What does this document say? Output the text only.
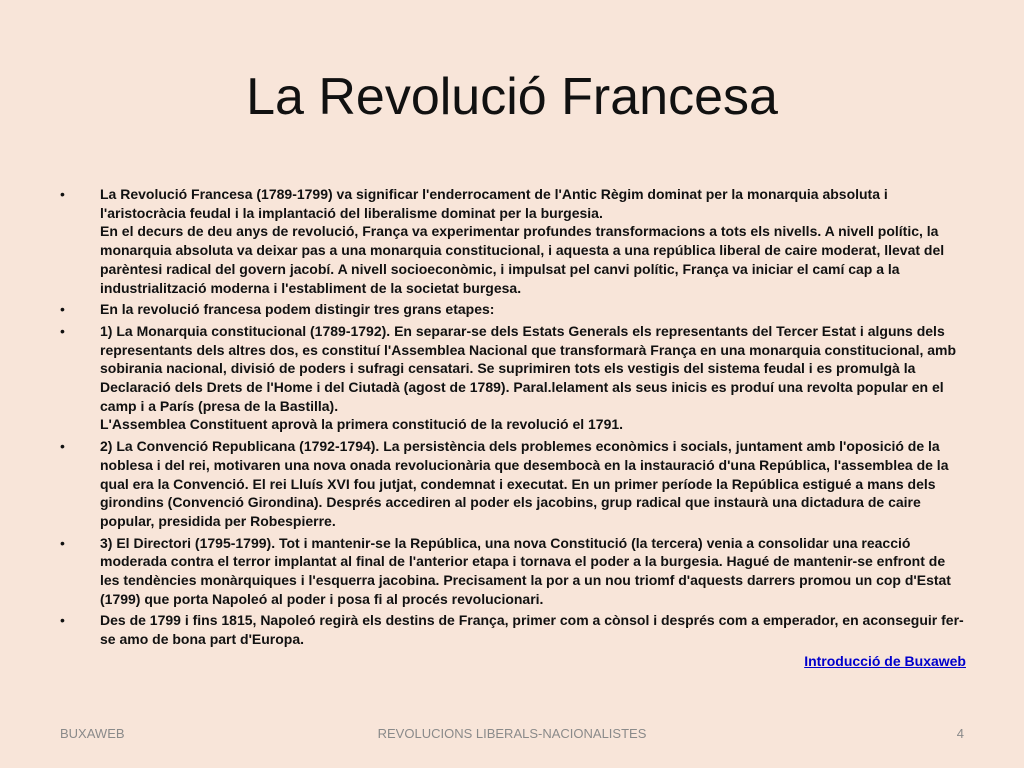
La Revolució Francesa
• La Revolució Francesa (1789-1799) va significar l'enderrocament de l'Antic Règim dominat per la monarquia absoluta i l'aristocràcia feudal i la implantació del liberalisme dominat per la burgesia.
En el decurs de deu anys de revolució, França va experimentar profundes transformacions a tots els nivells. A nivell polític, la monarquia absoluta va deixar pas a una monarquia constitucional, i aquesta a una república liberal de caire moderat, llevat del parèntesi radical del govern jacobí. A nivell socioeconòmic, i impulsat pel canvi polític, França va iniciar el camí cap a la industrialització moderna i l'establiment de la societat burgesa.
• En la revolució francesa podem distingir tres grans etapes:
• 1) La Monarquia constitucional (1789-1792). En separar-se dels Estats Generals els representants del Tercer Estat i alguns dels representants dels altres dos, es constituí l'Assemblea Nacional que transformarà França en una monarquia constitucional, amb sobirania nacional, divisió de poders i sufragi censatari. Se suprimiren tots els vestigis del sistema feudal i es promulgà la Declaració dels Drets de l'Home i del Ciutadà (agost de 1789). Paral.lelament als seus inicis es produí una revolta popular en el camp i a París (presa de la Bastilla).
L'Assemblea Constituent aprovà la primera constitució de la revolució el 1791.
• 2) La Convenció Republicana (1792-1794). La persistència dels problemes econòmics i socials, juntament amb l'oposició de la noblesa i del rei, motivaren una nova onada revolucionària que desembocà en la instauració d'una República, l'assemblea de la qual era la Convenció. El rei Lluís XVI fou jutjat, condemnat i executat. En un primer període la República estigué a mans dels girondins (Convenció Girondina). Després accediren al poder els jacobins, grup radical que instaurà una dictadura de caire popular, presidida per Robespierre.
• 3) El Directori (1795-1799). Tot i mantenir-se la República, una nova Constitució (la tercera) venia a consolidar una reacció moderada contra el terror implantat al final de l'anterior etapa i tornava el poder a la burgesia. Hagué de mantenir-se enfront de les tendències monàrquiques i l'esquerra jacobina. Precisament la por a un nou triomf d'aquests darrers promou un cop d'Estat (1799) que porta Napoleó al poder i posa fi al procés revolucionari.
• Des de 1799 i fins 1815, Napoleó regirà els destins de França, primer com a cònsol i després com a emperador, en aconseguir fer-se amo de bona part d'Europa.
Introducció de Buxaweb
REVOLUCIONS LIBERALS-NACIONALISTES
BUXAWEB	4
